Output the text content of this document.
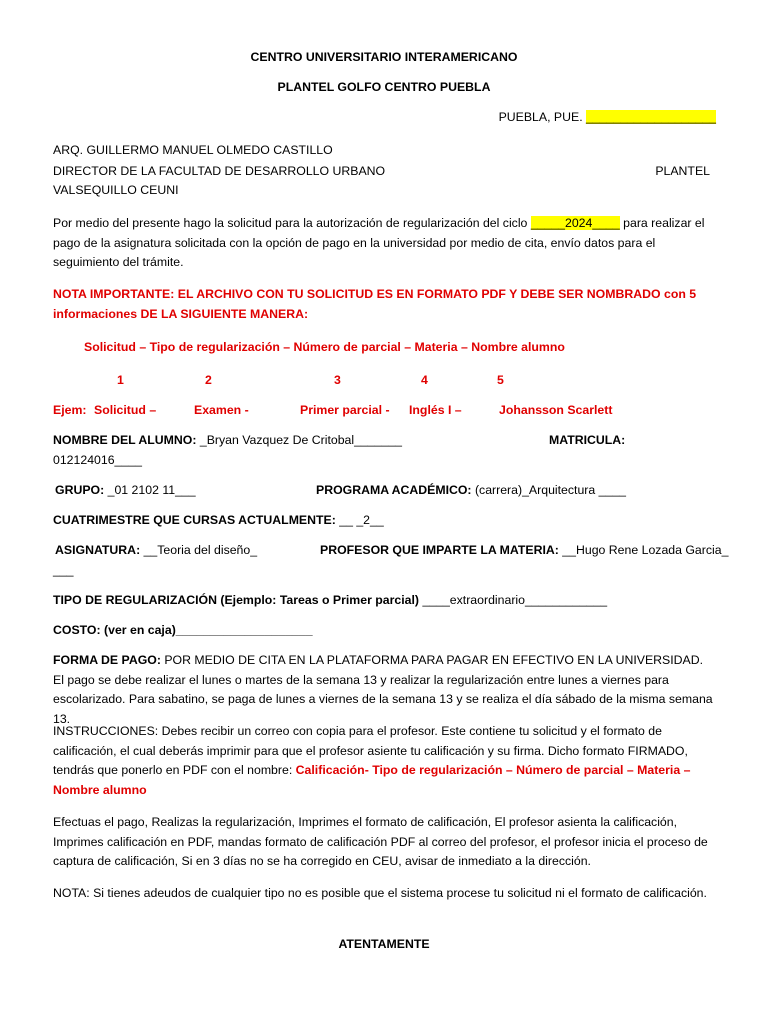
CENTRO UNIVERSITARIO INTERAMERICANO
PLANTEL GOLFO CENTRO PUEBLA
PUEBLA, PUE. ___________________
ARQ. GUILLERMO MANUEL OLMEDO CASTILLO
DIRECTOR DE LA FACULTAD DE DESARROLLO URBANO	PLANTEL
VALSEQUILLO CEUNI
Por medio del presente hago la solicitud para la autorización de regularización del ciclo _____2024____ para realizar el pago de la asignatura solicitada con la opción de pago en la universidad por medio de cita, envío datos para el seguimiento del trámite.
NOTA IMPORTANTE: EL ARCHIVO CON TU SOLICITUD ES EN FORMATO PDF Y DEBE SER NOMBRADO con 5 informaciones DE LA SIGUIENTE MANERA:
Solicitud – Tipo de regularización – Número de parcial – Materia – Nombre alumno
1	2	3	4	5
Ejem: Solicitud –	Examen -	Primer parcial - Inglés I –	Johansson Scarlett
NOMBRE DEL ALUMNO: _Bryan Vazquez De Critobal_______	MATRICULA:
012124016____
GRUPO: _01 2102 11___	PROGRAMA ACADÉMICO: (carrera)_Arquitectura ____
CUATRIMESTRE QUE CURSAS ACTUALMENTE: __ _2__
ASIGNATURA: __Teoria del diseño_	PROFESOR QUE IMPARTE LA MATERIA: __Hugo Rene Lozada Garcia_
___
TIPO DE REGULARIZACIÓN (Ejemplo: Tareas o Primer parcial) ____extraordinario____________
COSTO: (ver en caja)____________________
FORMA DE PAGO: POR MEDIO DE CITA EN LA PLATAFORMA PARA PAGAR EN EFECTIVO EN LA UNIVERSIDAD. El pago se debe realizar el lunes o martes de la semana 13 y realizar la regularización entre lunes a viernes para escolarizado. Para sabatino, se paga de lunes a viernes de la semana 13 y se realiza el día sábado de la misma semana 13.
INSTRUCCIONES: Debes recibir un correo con copia para el profesor. Este contiene tu solicitud y el formato de calificación, el cual deberás imprimir para que el profesor asiente tu calificación y su firma. Dicho formato FIRMADO, tendrás que ponerlo en PDF con el nombre: Calificación- Tipo de regularización – Número de parcial – Materia – Nombre alumno
Efectuas el pago, Realizas la regularización, Imprimes el formato de calificación, El profesor asienta la calificación, Imprimes calificación en PDF, mandas formato de calificación PDF al correo del profesor, el profesor inicia el proceso de captura de calificación, Si en 3 días no se ha corregido en CEU, avisar de inmediato a la dirección.
NOTA: Si tienes adeudos de cualquier tipo no es posible que el sistema procese tu solicitud ni el formato de calificación.
ATENTAMENTE
